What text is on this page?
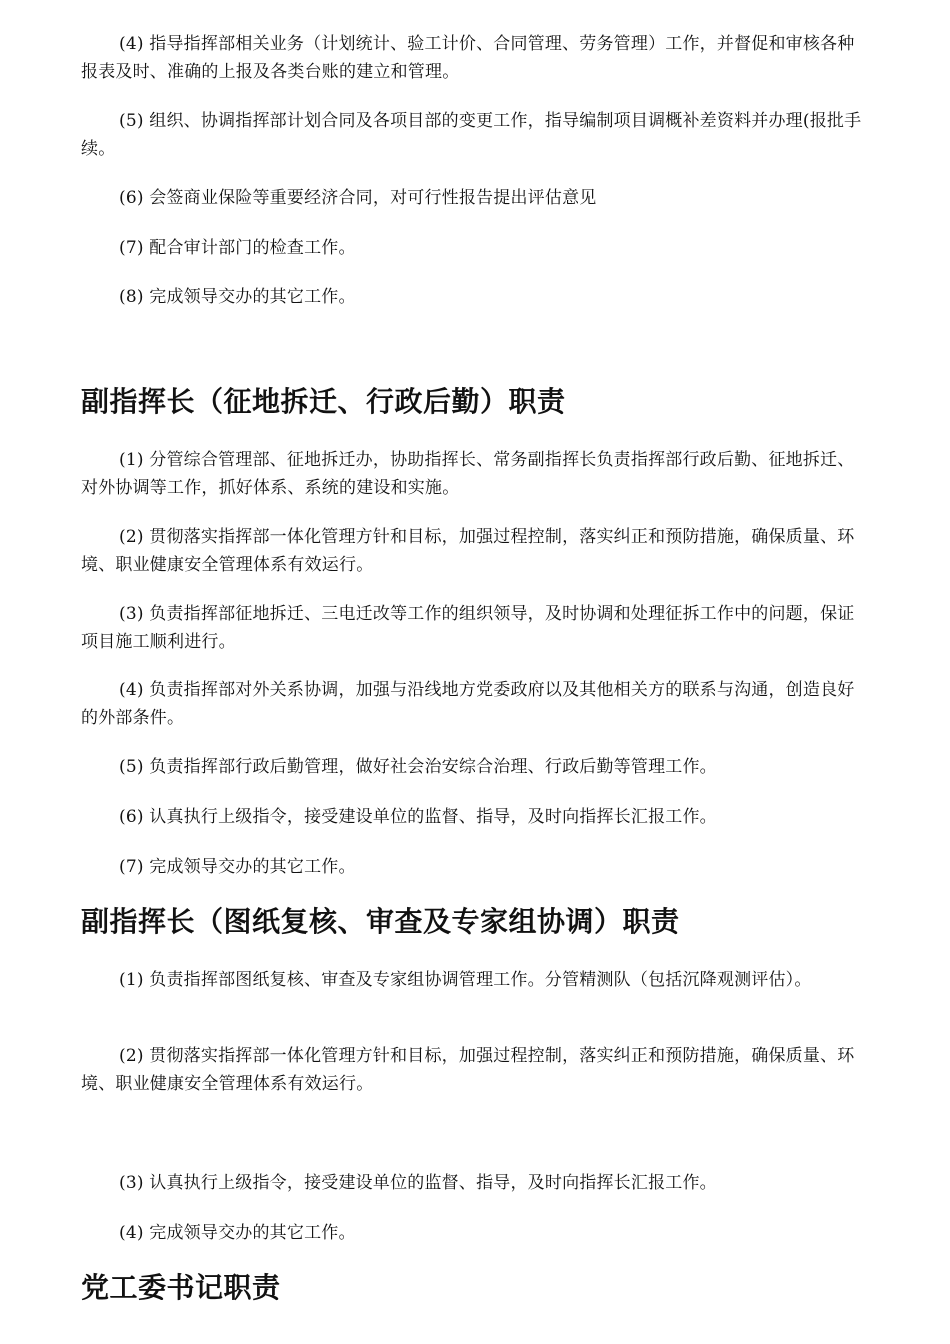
(4) 指导指挥部相关业务（计划统计、验工计价、合同管理、劳务管理）工作，并督促和审核各种报表及时、准确的上报及各类台账的建立和管理。

(5) 组织、协调指挥部计划合同及各项目部的变更工作，指导编制项目调概补差资料并办理(报批手续。

(6) 会签商业保险等重要经济合同，对可行性报告提出评估意见

(7) 配合审计部门的检查工作。

(8) 完成领导交办的其它工作。

副指挥长（征地拆迁、行政后勤）职责

(1) 分管综合管理部、征地拆迁办，协助指挥长、常务副指挥长负责指挥部行政后勤、征地拆迁、对外协调等工作，抓好体系、系统的建设和实施。

(2) 贯彻落实指挥部一体化管理方针和目标，加强过程控制，落实纠正和预防措施，确保质量、环境、职业健康安全管理体系有效运行。

(3) 负责指挥部征地拆迁、三电迁改等工作的组织领导，及时协调和处理征拆工作中的问题，保证项目施工顺利进行。

(4) 负责指挥部对外关系协调，加强与沿线地方党委政府以及其他相关方的联系与沟通，创造良好的外部条件。

(5) 负责指挥部行政后勤管理，做好社会治安综合治理、行政后勤等管理工作。

(6) 认真执行上级指令，接受建设单位的监督、指导，及时向指挥长汇报工作。

(7) 完成领导交办的其它工作。

副指挥长（图纸复核、审查及专家组协调）职责

(1) 负责指挥部图纸复核、审查及专家组协调管理工作。分管精测队（包括沉降观测评估）。

(2) 贯彻落实指挥部一体化管理方针和目标，加强过程控制，落实纠正和预防措施，确保质量、环境、职业健康安全管理体系有效运行。

(3) 认真执行上级指令，接受建设单位的监督、指导，及时向指挥长汇报工作。

(4) 完成领导交办的其它工作。

党工委书记职责
